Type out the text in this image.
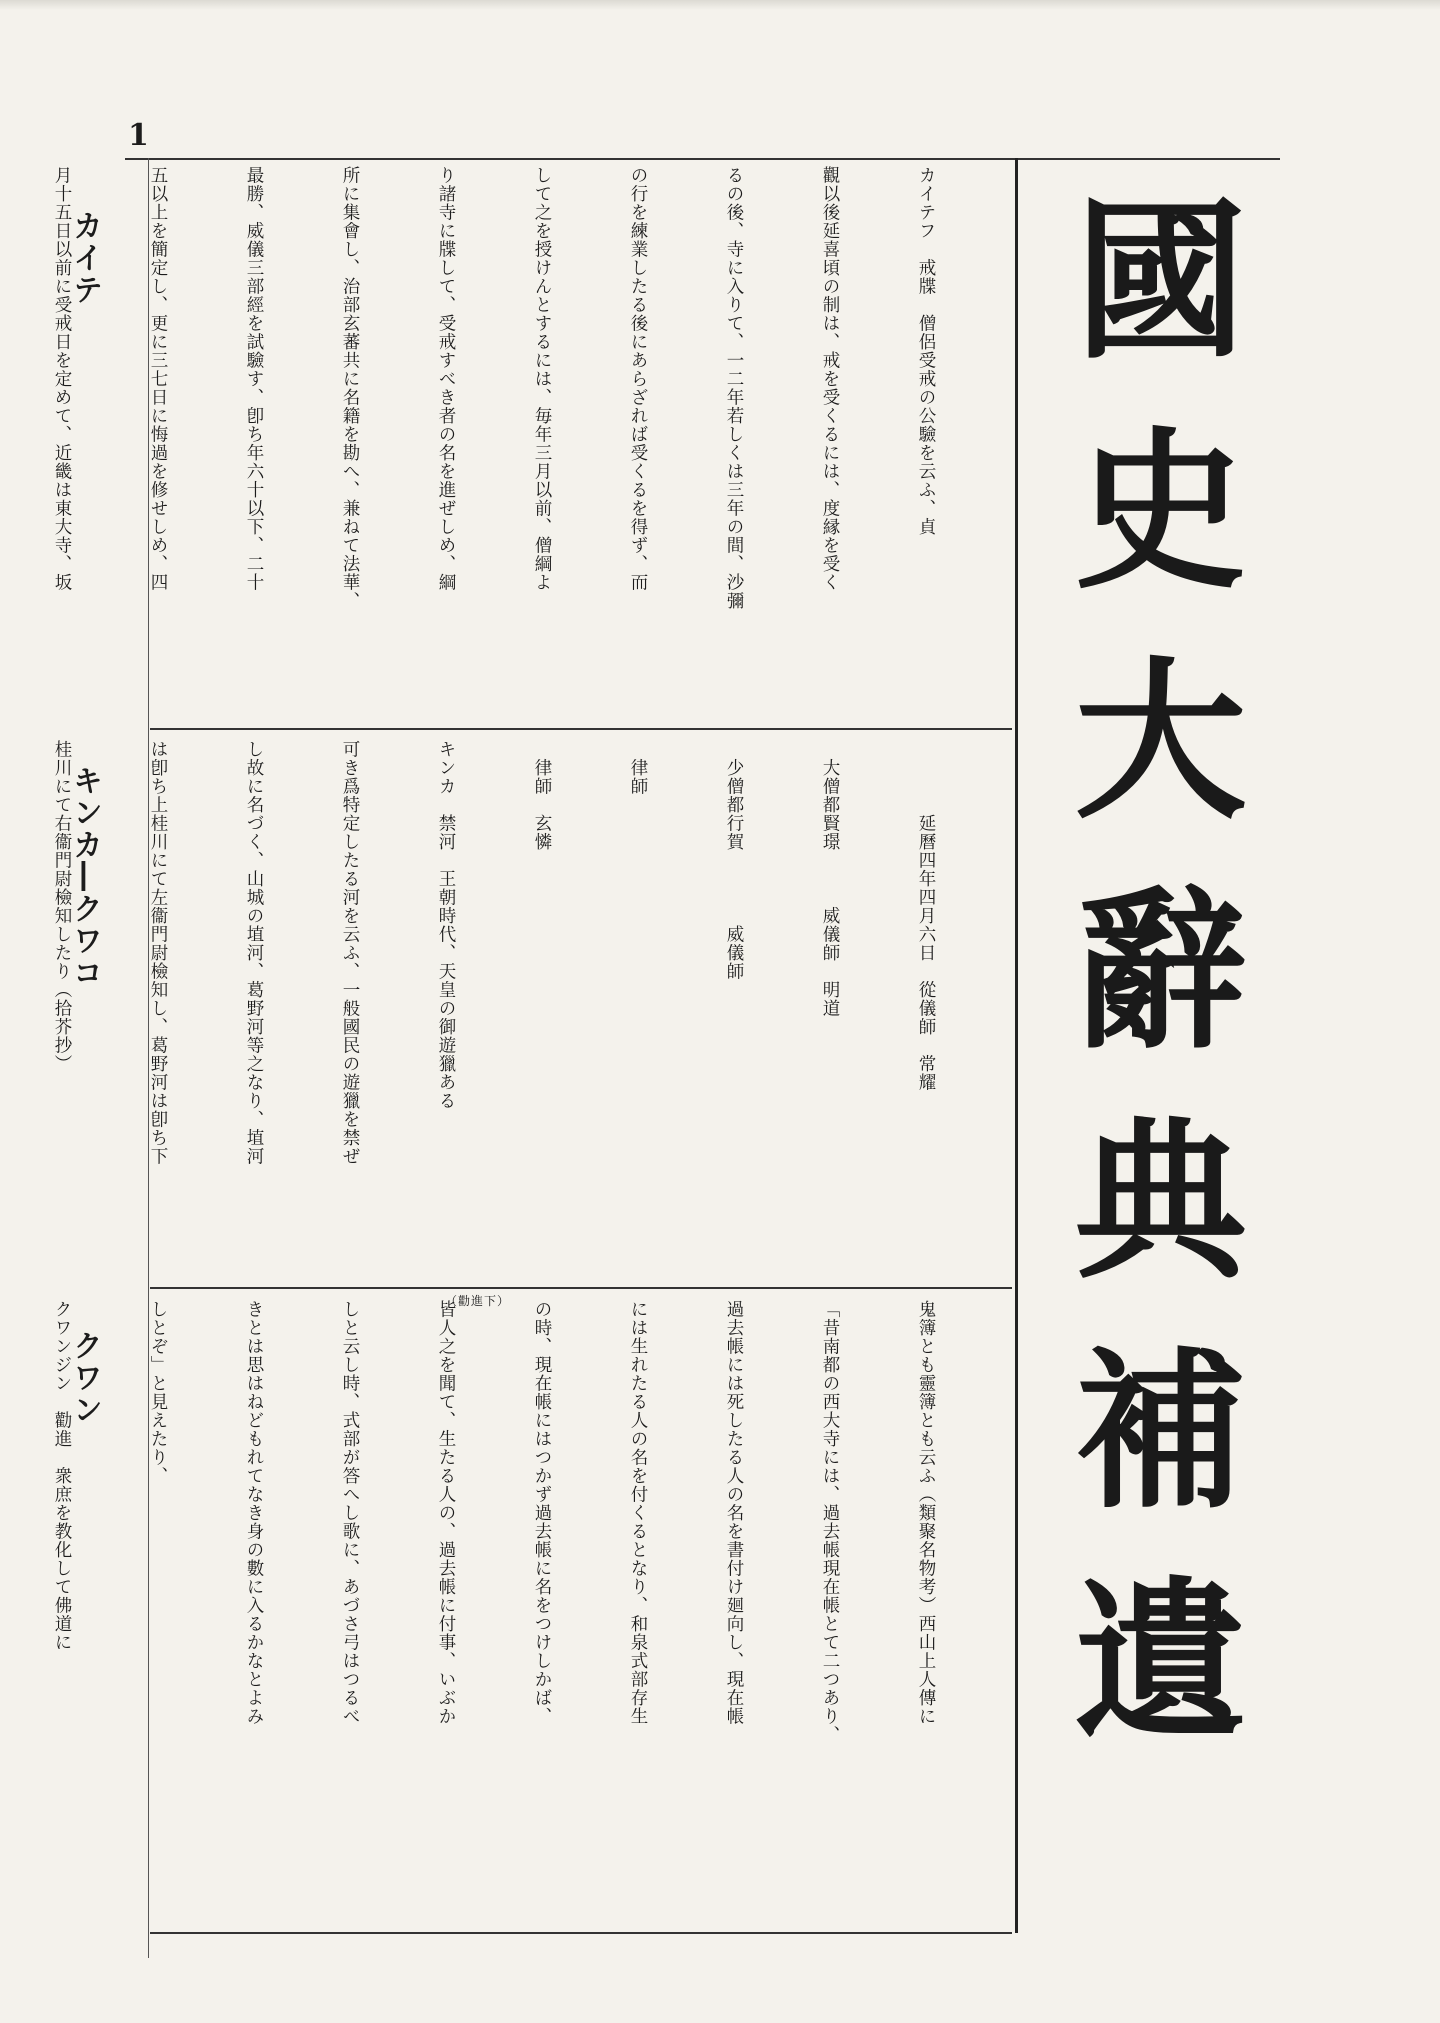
1
國史大辭典補遺
カイテ
キンカ―クワコ
クワン

カイテフ　戒牒　僧侶受戒の公驗を云ふ、貞

觀以後延喜頃の制は、戒を受くるには、度縁を受く

るの後、寺に入りて、一二年若しくは三年の間、沙彌

の行を練業したる後にあらざれば受くるを得ず、而

して之を授けんとするには、毎年三月以前、僧綱よ

り諸寺に牒して、受戒すべき者の名を進ぜしめ、綱

所に集會し、治部玄蕃共に名籍を勘へ、兼ねて法華、

最勝、威儀三部經を試驗す、卽ち年六十以下、二十

五以上を簡定し、更に三七日に悔過を修せしめ、四

月十五日以前に受戒日を定めて、近畿は東大寺、坂

　　　　延曆四年四月六日　從儀師　常耀

　大僧都賢璟　　　威儀師　明道

　少僧都行賀　　　　威儀師

　律師

　律師　玄憐

キンカ　禁河　王朝時代、天皇の御遊獵ある

可き爲特定したる河を云ふ、一般國民の遊獵を禁ぜ

し故に名づく、山城の埴河、葛野河等之なり、埴河

は卽ち上桂川にて左衞門尉檢知し、葛野河は卽ち下

桂川にて右衞門尉檢知したり（拾芥抄）

（勸進下）

	鬼簿とも靈簿とも云ふ（類聚名物考）西山上人傳に

「昔南都の西大寺には、過去帳現在帳とて二つあり、

過去帳には死したる人の名を書付け廻向し、現在帳

には生れたる人の名を付くるとなり、和泉式部存生

の時、現在帳にはつかず過去帳に名をつけしかば、

皆人之を聞て、生たる人の、過去帳に付事、いぶか

しと云し時、式部が答へし歌に、あづさ弓はつるべ

きとは思はねどもれてなき身の數に入るかなとよみ

しとぞ」と見えたり、

クワンジン　勸進　衆庶を教化して佛道に
